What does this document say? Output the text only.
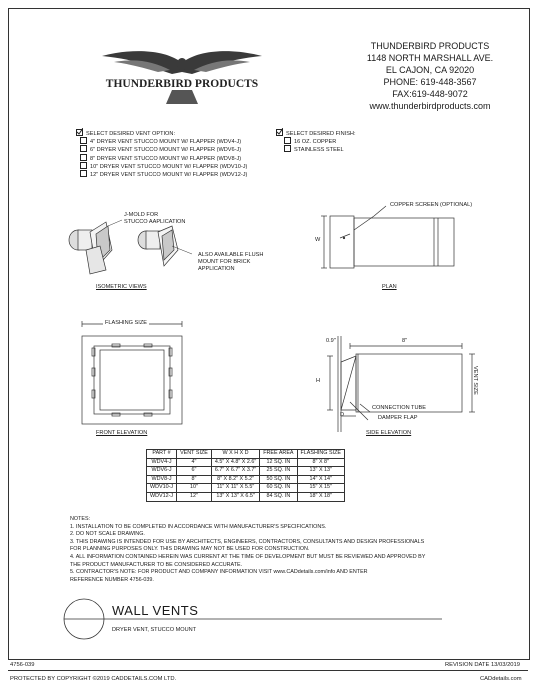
THUNDERBIRD PRODUCTS
THUNDERBIRD PRODUCTS
1148 NORTH MARSHALL AVE.
EL CAJON, CA 92020
PHONE: 619-448-3567
FAX:619-448-9072
www.thunderbirdproducts.com
SELECT DESIRED VENT OPTION:
4" DRYER VENT STUCCO MOUNT W/ FLAPPER (WDV4-J)
6" DRYER VENT STUCCO MOUNT W/ FLAPPER (WDV6-J)
8" DRYER VENT STUCCO MOUNT W/ FLAPPER (WDV8-J)
10" DRYER VENT STUCCO MOUNT W/ FLAPPER (WDV10-J)
12" DRYER VENT STUCCO MOUNT W/ FLAPPER (WDV12-J)
SELECT DESIRED FINISH:
16 OZ. COPPER
STAINLESS STEEL
J-MOLD FOR
STUCCO AAPLICATION
ALSO AVAILABLE FLUSH
MOUNT FOR BRICK
APPLICATION
ISOMETRIC VIEWS
COPPER SCREEN (OPTIONAL)
W
PLAN
FLASHING SIZE
FRONT ELEVATION
0.9"	8"
H
D
VENT SIZE
CONNECTION TUBE
DAMPER FLAP
SIDE ELEVATION
PART #	VENT SIZE	W X H X D	FREE AREA	FLASHING SIZE
WDV4-J	4"	4.5" X 4.8" X 2.6"	12 SQ. IN	8" X 8"
WDV6-J	6"	6.7" X 6.7" X 3.7"	25 SQ. IN	13" X 13"
WDV8-J	8"	8" X 8.2" X 5.2"	50 SQ. IN	14" X 14"
WDV10-J	10"	11" X 11" X 5.5"	60 SQ. IN	15" X 15"
WDV12-J	12"	13" X 13" X 6.5"	84 SQ. IN	18" X 18"
NOTES:
1. INSTALLATION TO BE COMPLETED IN ACCORDANCE WITH MANUFACTURER'S SPECIFICATIONS.
2. DO NOT SCALE DRAWING.
3. THIS DRAWING IS INTENDED FOR USE BY ARCHITECTS, ENGINEERS, CONTRACTORS, CONSULTANTS AND DESIGN PROFESSIONALS
FOR PLANNING PURPOSES ONLY. THIS DRAWING MAY NOT BE USED FOR CONSTRUCTION.
4. ALL INFORMATION CONTAINED HEREIN WAS CURRENT AT THE TIME OF DEVELOPMENT BUT MUST BE REVIEWED AND APPROVED BY
THE PRODUCT MANUFACTURER TO BE CONSIDERED ACCURATE.
5. CONTRACTOR'S NOTE: FOR PRODUCT AND COMPANY INFORMATION VISIT www.CADdetails.com/info AND ENTER
REFERENCE NUMBER 4756-039.
WALL VENTS
DRYER VENT, STUCCO MOUNT
4756-039	REVISION DATE 13/03/2019
PROTECTED BY COPYRIGHT ©2019 CADDETAILS.COM LTD.	CADdetails.com
